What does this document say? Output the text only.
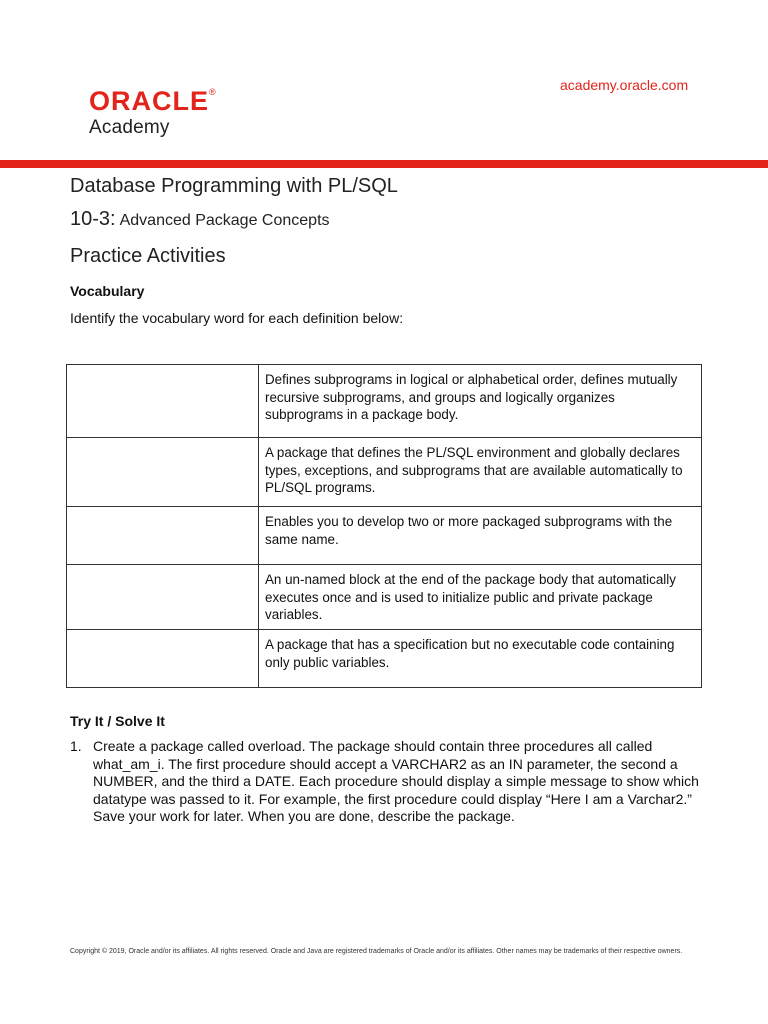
ORACLE®
Academy
academy.oracle.com
Database Programming with PL/SQL
10-3: Advanced Package Concepts
Practice Activities
Vocabulary
Identify the vocabulary word for each definition below:
	Defines subprograms in logical or alphabetical order, defines mutually recursive subprograms, and groups and logically organizes subprograms in a package body.
	A package that defines the PL/SQL environment and globally declares types, exceptions, and subprograms that are available automatically to PL/SQL programs.
	Enables you to develop two or more packaged subprograms with the same name.
	An un-named block at the end of the package body that automatically executes once and is used to initialize public and private package variables.
	A package that has a specification but no executable code containing only public variables.
Try It / Solve It
1. Create a package called overload. The package should contain three procedures all called what_am_i. The first procedure should accept a VARCHAR2 as an IN parameter, the second a NUMBER, and the third a DATE. Each procedure should display a simple message to show which datatype was passed to it. For example, the first procedure could display “Here I am a Varchar2.” Save your work for later. When you are done, describe the package.
Copyright © 2019, Oracle and/or its affiliates. All rights reserved. Oracle and Java are registered trademarks of Oracle and/or its affiliates. Other names may be trademarks of their respective owners.
